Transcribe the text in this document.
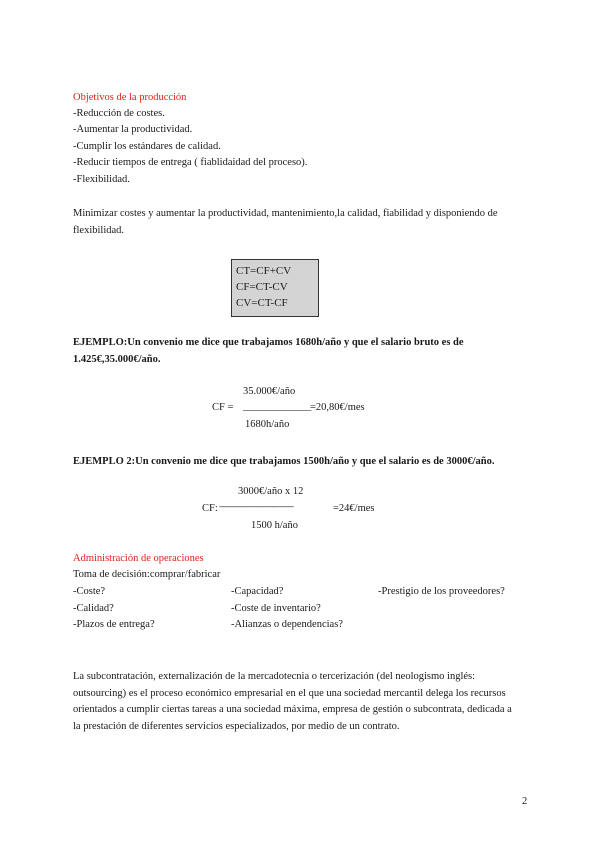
Objetivos de la producción
-Reducción de costes.
-Aumentar la productividad.
-Cumplir los estándares de calidad.
-Reducir tiempos de entrega ( fiablidaidad del proceso).
-Flexibilidad.
Minimizar costes y aumentar la productividad, mantenimiento,la calidad, fiabilidad y disponiendo de
flexibilidad.
CT=CF+CV
CF=CT-CV
CV=CT-CF
EJEMPLO:Un convenio me dice que trabajamos 1680h/año y que el salario bruto es de
1.425€,35.000€/año.
35.000€/año
CF = _____________
=20,80€/mes
1680h/año
EJEMPLO 2:Un convenio me dice que trabajamos 1500h/año y que el salario es de 3000€/año.
3000€/año x 12
CF: ------------------------------------	=24€/mes
1500 h/año
Administración de operaciones
Toma de decisión:comprar/fabricar
-Coste?
-Calidad?
-Plazos de entrega?
-Capacidad?
-Coste de inventario?
-Alianzas o dependencias?
-Prestigio de los proveedores?
La subcontratación, externalización de la mercadotecnia o tercerización (del neologismo inglés:
outsourcing) es el proceso económico empresarial en el que una sociedad mercantil delega los recursos
orientados a cumplir ciertas tareas a una sociedad máxima, empresa de gestión o subcontrata, dedicada a
la prestación de diferentes servicios especializados, por medio de un contrato.
2
